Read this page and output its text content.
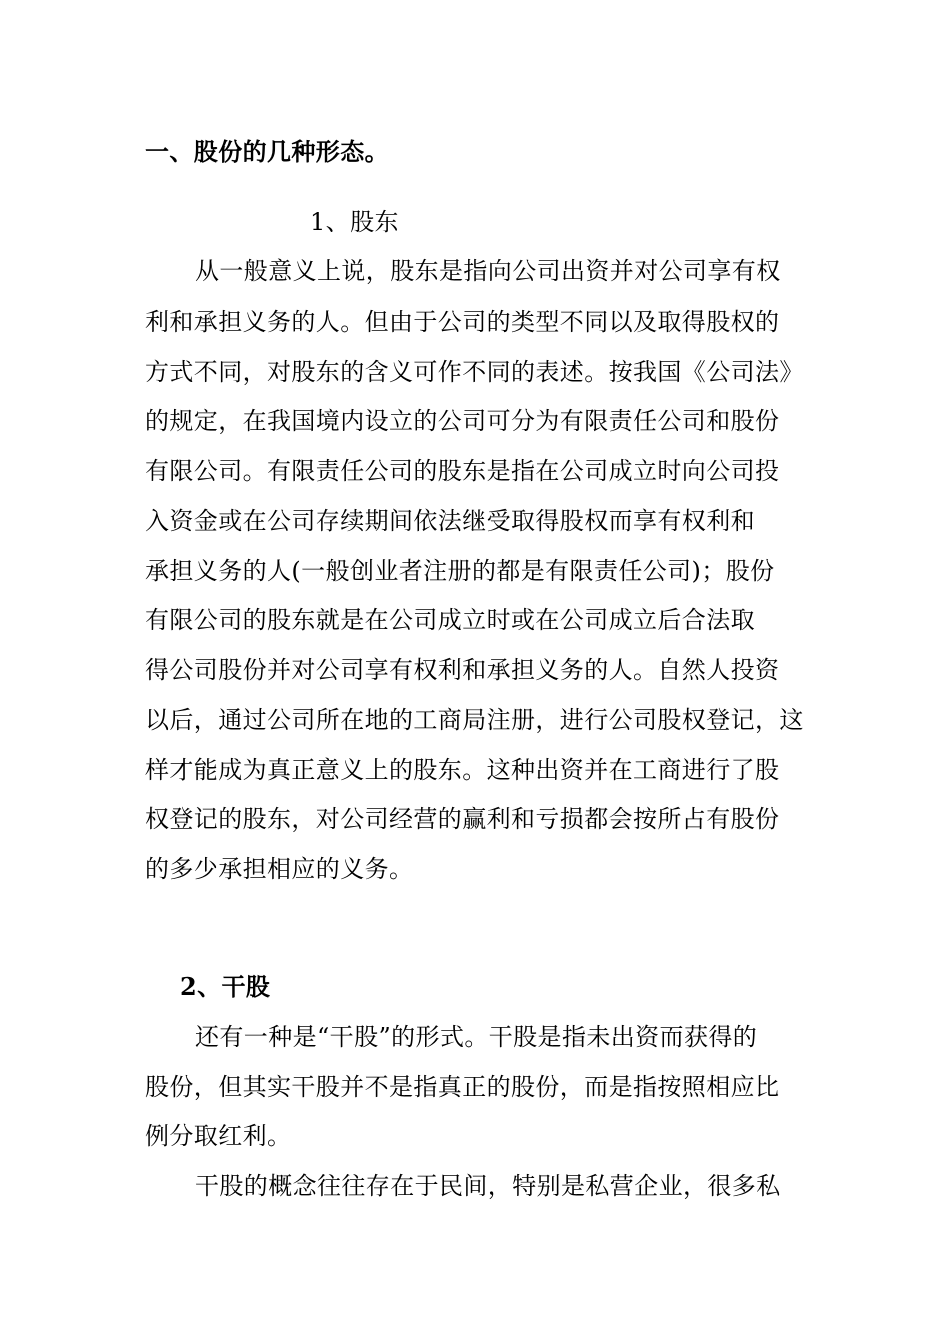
一、股份的几种形态。
1、股东
从一般意义上说，股东是指向公司出资并对公司享有权
利和承担义务的人。但由于公司的类型不同以及取得股权的
方式不同，对股东的含义可作不同的表述。按我国《公司法》
的规定，在我国境内设立的公司可分为有限责任公司和股份
有限公司。有限责任公司的股东是指在公司成立时向公司投
入资金或在公司存续期间依法继受取得股权而享有权利和
承担义务的人(一般创业者注册的都是有限责任公司)；股份
有限公司的股东就是在公司成立时或在公司成立后合法取
得公司股份并对公司享有权利和承担义务的人。自然人投资
以后，通过公司所在地的工商局注册，进行公司股权登记，这
样才能成为真正意义上的股东。这种出资并在工商进行了股
权登记的股东，对公司经营的赢利和亏损都会按所占有股份
的多少承担相应的义务。
2、干股
还有一种是“干股”的形式。干股是指未出资而获得的
股份，但其实干股并不是指真正的股份，而是指按照相应比
例分取红利。
干股的概念往往存在于民间，特别是私营企业，很多私
